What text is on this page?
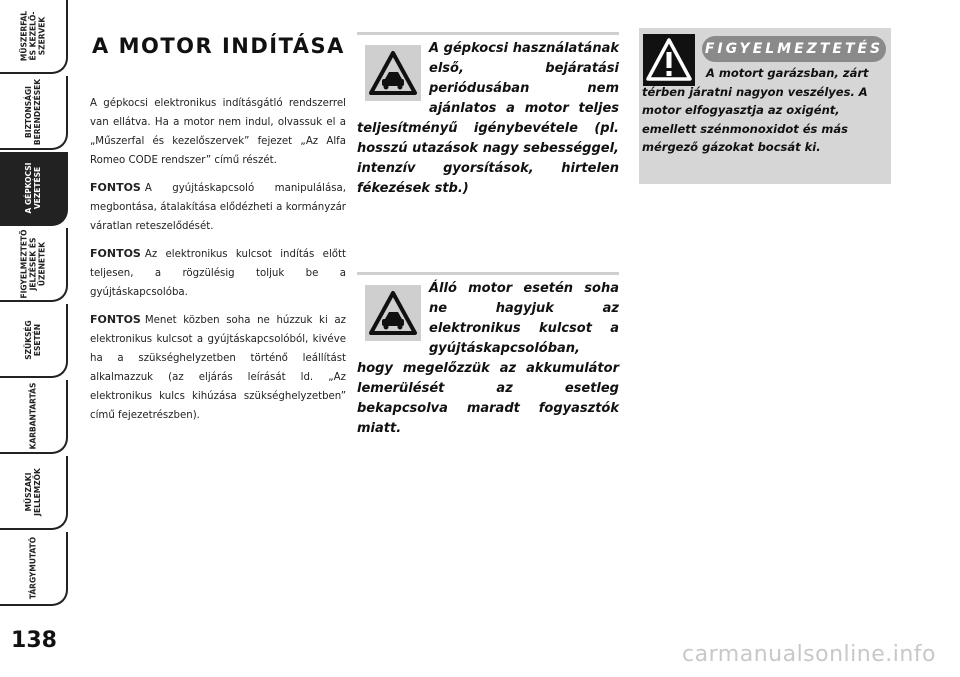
MŰSZERFAL
ÉS KEZELŐ-
SZERVEK
BIZTONSÁGI
BERENDEZÉSEK
A GÉPKOCSI
VEZETÉSE
FIGYELMEZTETŐ
JELZÉSEK ÉS
ÜZENETEK
SZÜKSÉG ESETÉN
KARBANTARTÁS
MŰSZAKI
JELLEMZŐK
TÁRGYMUTATÓ
138
A MOTOR INDÍTÁSA

A gépkocsi elektronikus indításgátló rendszerrel van ellátva. Ha a motor nem indul, olvassuk el a „Műszerfal és kezelőszervek” fejezet „Az Alfa Romeo CODE rendszer” című részét.

FONTOS A gyújtáskapcsoló manipulálása, megbontása, átalakítása elődézheti a kormányzár váratlan reteszelődését.

FONTOS Az elektronikus kulcsot indítás előtt teljesen, a rögzülésig toljuk be a gyújtáskapcsolóba.

FONTOS Menet közben soha ne húzzuk ki az elektronikus kulcsot a gyújtáskapcsolóból, kivéve ha a szükséghelyzetben történő leállítást alkalmazzuk (az eljárás leírását ld. „Az elektronikus kulcs kihúzása szükséghelyzetben” című fejezetrészben).

A gépkocsi használatának első, bejáratási periódusában nem ajánlatos a motor teljes teljesítményű igénybevétele (pl. hosszú utazások nagy sebességgel, intenzív gyorsítások, hirtelen fékezések stb.)
Álló motor esetén soha ne hagyjuk az elektronikus kulcsot a gyújtáskapcsolóban, hogy megelőzzük az akkumulátor lemerülését az esetleg bekapcsolva maradt fogyasztók miatt.
FIGYELMEZTETÉS
A motort garázsban, zárt térben járatni nagyon veszélyes. A motor elfogyasztja az oxigént, emellett szénmonoxidot és más mérgező gázokat bocsát ki.
carmanualsonline.info
